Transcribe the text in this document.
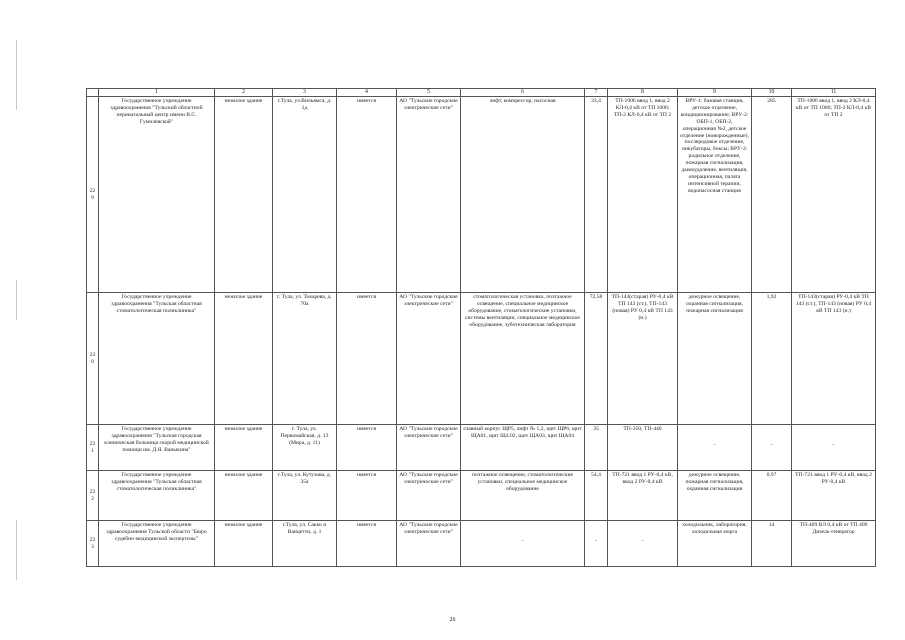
	1	2	3	4	5	6	7	8	9	10	11
229	Государственное учреждение здравоохранения "Тульский областной перинатальный центр имени В.С. Гумилевской"	нежилое здание	г.Тула, ул.Вильямса, д. 1д	имеется	АО "Тульские городские электрические сети"	лифт, компрессор, насосная	33,4	ТП-1006 ввод 1, ввод 2 КЛ-0,4 кВ от ТП 1006; ТП-2 КЛ-0,4 кВ от ТП 2	ВРУ-1: базовая станция, детское отделение, кондиционирование; ВРУ-2: ОБП-1, ОБП-2, операционная №2, детское отделение (новорожденные), послеродовое отделение, инкубаторы, боксы; ВРУ-3: родильное отделение, пожарная сигнализация, дымоудаление, вентиляция, операционная, палата интенсивной терапии, водонасосная станция	285	ТП-1006 ввод 1, ввод 2 КЛ-0,4 кВ от ТП 1006; ТП-2 КЛ-0,4 кВ от ТП 2
230	Государственное учреждение здравоохранения "Тульская областная стоматологическая поликлиника"	нежилое здание	г. Тула, ул. Токарева, д. 70а	имеется	АО "Тульские городские электрические сети"	стоматологическая установка, поэтажное освещение, специальное медицинское оборудование, стоматологические установки, системы вентиляции, специальное медицинское оборудование, зуботехническая лаборатория	72,58	ТП-143(старая) РУ-0,4 кВ ТП 143 (ст.), ТП-143 (новая) РУ 0,4 кВ ТП 143 (н.)	дежурное освещение, охранная сигнализация, пожарная сигнализация	1,92	ТП-143(старая) РУ-0,4 кВ ТП 143 (ст.), ТП-143 (новая) РУ 0,4 кВ ТП 143 (н.)
231	Государственное учреждение здравоохранения "Тульская городская клиническая больница скорой медицинской помощи им. Д.Я. Ваныкина"	нежилое здание	г. Тула, ул. Первомайская, д. 13 (Мира, д. 11)	имеется	АО "Тульские городские электрические сети"	главный корпус ЩР5, лифт № 1,2, щит ЩР6, щит ЩА01, щит Щ4.02, щит ЩА03, щит ЩА04	35	ТП-350, ТП-440	-	-	-

232	Государственное учреждение здравоохранения "Тульская областная стоматологическая поликлиника"	нежилое здание	г.Тула, ул. Кутузова, д. 35а	имеется	АО "Тульские городские электрические сети"	поэтажное освещение, стоматологические установки, специальное медицинское оборудование	54,4	ТП-721 ввод 1 РУ-0,4 кВ, ввод 2 РУ-0,4 кВ	дежурное освещение, пожарная сигнализация, охранная сигнализация	0,97	ТП-721 ввод 1 РУ-0,4 кВ, ввод 2 РУ-0,4 кВ
233	Государственное учреждение здравоохранения Тульской области "Бюро судебно-медицинской экспертизы"	нежилое здание	г.Тула, ул. Сакко и Ванцетти, д. 1	имеется	АО "Тульские городские электрические сети"	-	-	-	холодильник, лаборатория, холодильная морга	14	ТП-409 ВЛ 0,4 кВ от ТП 409 Дизель-генератор
26
